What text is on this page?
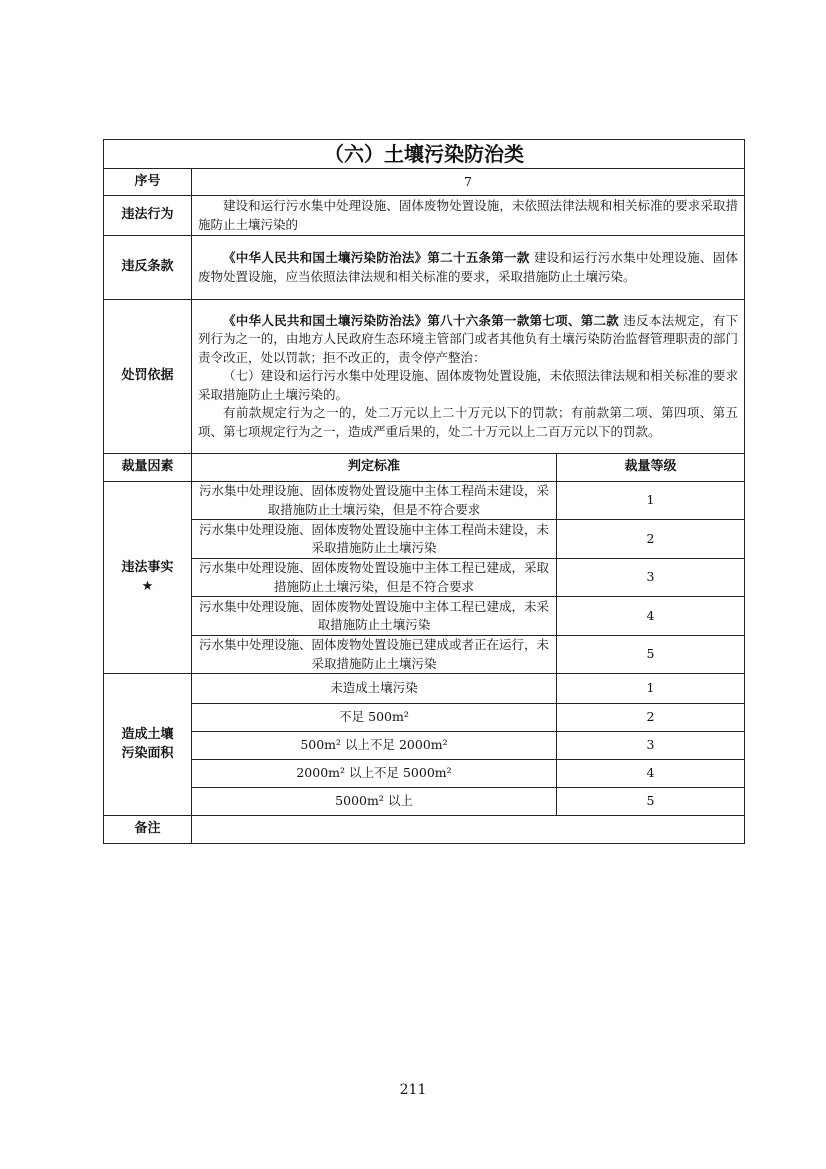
（六）土壤污染防治类		
序号	7	
违法行为	建设和运行污水集中处理设施、固体废物处置设施，未依照法律法规和相关标准的要求采取措施防止土壤污染的	
违反条款	《中华人民共和国土壤污染防治法》第二十五条第一款 建设和运行污水集中处理设施、固体废物处置设施，应当依照法律法规和相关标准的要求，采取措施防止土壤污染。	
处罚依据	《中华人民共和国土壤污染防治法》第八十六条第一款第七项、第二款 违反本法规定，有下列行为之一的，由地方人民政府生态环境主管部门或者其他负有土壤污染防治监督管理职责的部门责令改正，处以罚款；拒不改正的，责令停产整治：
（七）建设和运行污水集中处理设施、固体废物处置设施，未依照法律法规和相关标准的要求采取措施防止土壤污染的。
有前款规定行为之一的，处二万元以上二十万元以下的罚款；有前款第二项、第四项、第五项、第七项规定行为之一，造成严重后果的，处二十万元以上二百万元以下的罚款。	

裁量因素	判定标准	裁量等级

违法事实
★	污水集中处理设施、固体废物处置设施中主体工程尚未建设，采取措施防止土壤污染，但是不符合要求	1
	污水集中处理设施、固体废物处置设施中主体工程尚未建设，未采取措施防止土壤污染	2
	污水集中处理设施、固体废物处置设施中主体工程已建成，采取措施防止土壤污染，但是不符合要求	3
	污水集中处理设施、固体废物处置设施中主体工程已建成，未采取措施防止土壤污染	4
	污水集中处理设施、固体废物处置设施已建成或者正在运行，未采取措施防止土壤污染	5
造成土壤污染面积	未造成土壤污染	1
	不足 500m²	2
	500m² 以上不足 2000m²	3
	2000m² 以上不足 5000m²	4
	5000m² 以上	5
备注		
211
